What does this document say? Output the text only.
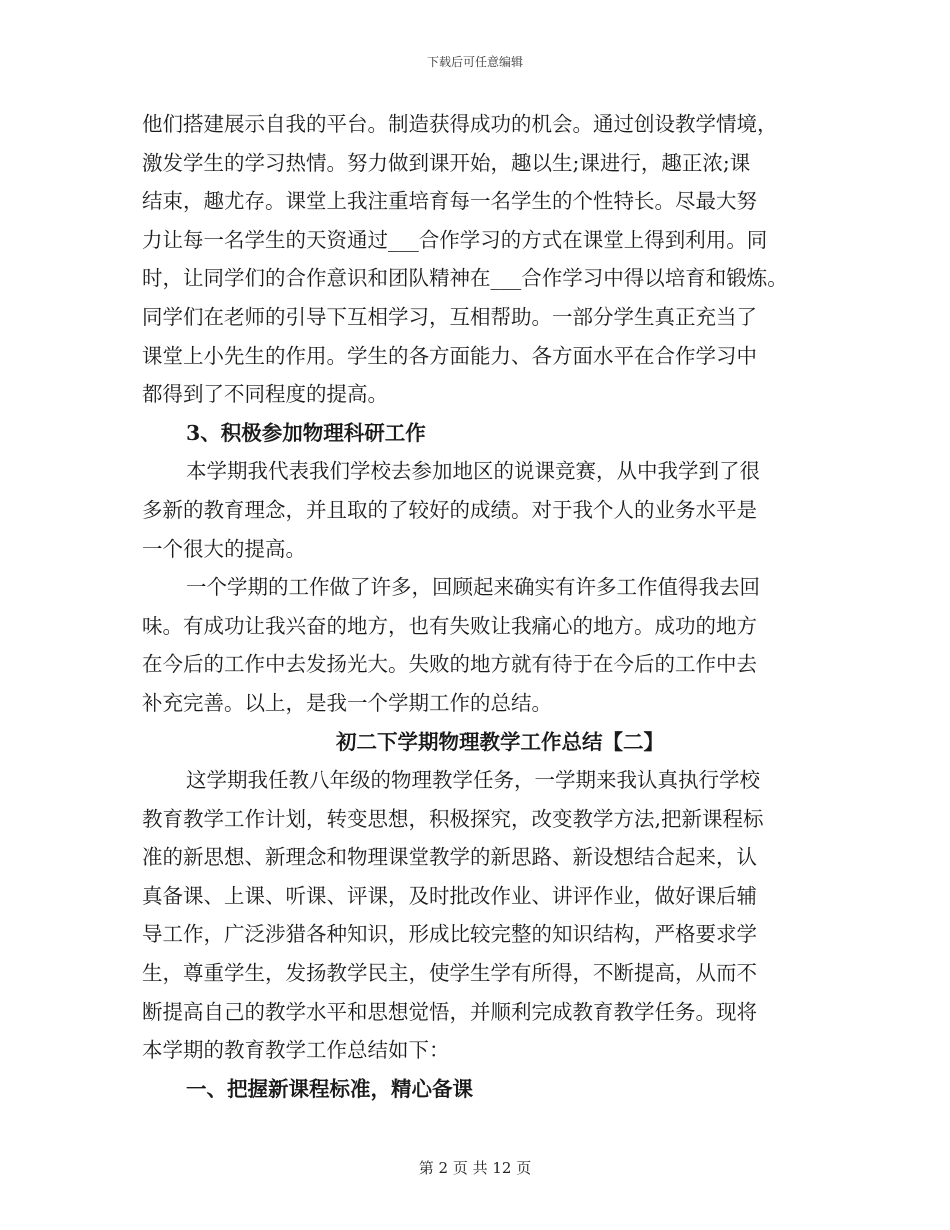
下载后可任意编辑
他们搭建展示自我的平台。制造获得成功的机会。通过创设教学情境，
激发学生的学习热情。努力做到课开始，趣以生;课进行，趣正浓;课
结束，趣尤存。课堂上我注重培育每一名学生的个性特长。尽最大努
力让每一名学生的天资通过___合作学习的方式在课堂上得到利用。同
时，让同学们的合作意识和团队精神在___合作学习中得以培育和锻炼。
同学们在老师的引导下互相学习，互相帮助。一部分学生真正充当了
课堂上小先生的作用。学生的各方面能力、各方面水平在合作学习中
都得到了不同程度的提高。
3、积极参加物理科研工作
本学期我代表我们学校去参加地区的说课竞赛，从中我学到了很
多新的教育理念，并且取的了较好的成绩。对于我个人的业务水平是
一个很大的提高。
一个学期的工作做了许多，回顾起来确实有许多工作值得我去回
味。有成功让我兴奋的地方，也有失败让我痛心的地方。成功的地方
在今后的工作中去发扬光大。失败的地方就有待于在今后的工作中去
补充完善。以上，是我一个学期工作的总结。
初二下学期物理教学工作总结【二】
这学期我任教八年级的物理教学任务，一学期来我认真执行学校
教育教学工作计划，转变思想，积极探究，改变教学方法,把新课程标
准的新思想、新理念和物理课堂教学的新思路、新设想结合起来，认
真备课、上课、听课、评课，及时批改作业、讲评作业，做好课后辅
导工作，广泛涉猎各种知识，形成比较完整的知识结构，严格要求学
生，尊重学生，发扬教学民主，使学生学有所得，不断提高，从而不
断提高自己的教学水平和思想觉悟，并顺利完成教育教学任务。现将
本学期的教育教学工作总结如下：
一、把握新课程标准，精心备课
第 2 页 共 12 页
